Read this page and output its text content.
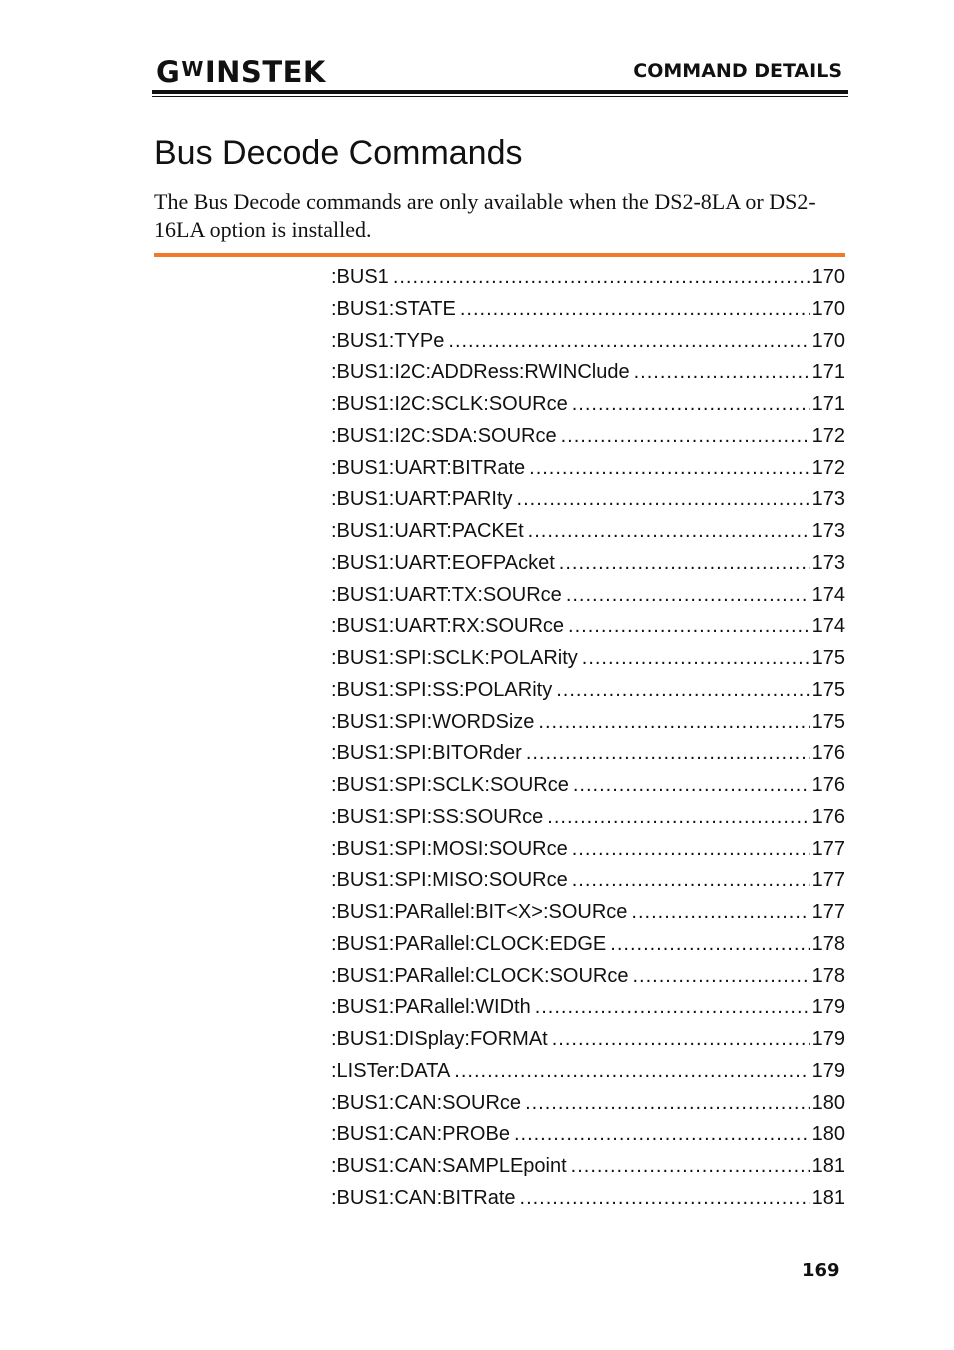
GWINSTEK	COMMAND DETAILS
Bus Decode Commands

The Bus Decode commands are only available when the DS2-8LA or DS2-16LA option is installed.

:BUS1 .....	170
:BUS1:STATE .....	170
:BUS1:TYPe .....	170
:BUS1:I2C:ADDRess:RWINClude .....	171
:BUS1:I2C:SCLK:SOURce .....	171
:BUS1:I2C:SDA:SOURce .....	172
:BUS1:UART:BITRate .....	172
:BUS1:UART:PARIty .....	173
:BUS1:UART:PACKEt .....	173
:BUS1:UART:EOFPAcket .....	173
:BUS1:UART:TX:SOURce .....	174
:BUS1:UART:RX:SOURce .....	174
:BUS1:SPI:SCLK:POLARity .....	175
:BUS1:SPI:SS:POLARity .....	175
:BUS1:SPI:WORDSize .....	175
:BUS1:SPI:BITORder .....	176
:BUS1:SPI:SCLK:SOURce .....	176
:BUS1:SPI:SS:SOURce .....	176
:BUS1:SPI:MOSI:SOURce .....	177
:BUS1:SPI:MISO:SOURce .....	177
:BUS1:PARallel:BIT<X>:SOURce .....	177
:BUS1:PARallel:CLOCK:EDGE .....	178
:BUS1:PARallel:CLOCK:SOURce .....	178
:BUS1:PARallel:WIDth .....	179
:BUS1:DISplay:FORMAt .....	179
:LISTer:DATA .....	179
:BUS1:CAN:SOURce .....	180
:BUS1:CAN:PROBe .....	180
:BUS1:CAN:SAMPLEpoint .....	181
:BUS1:CAN:BITRate .....	181
169
